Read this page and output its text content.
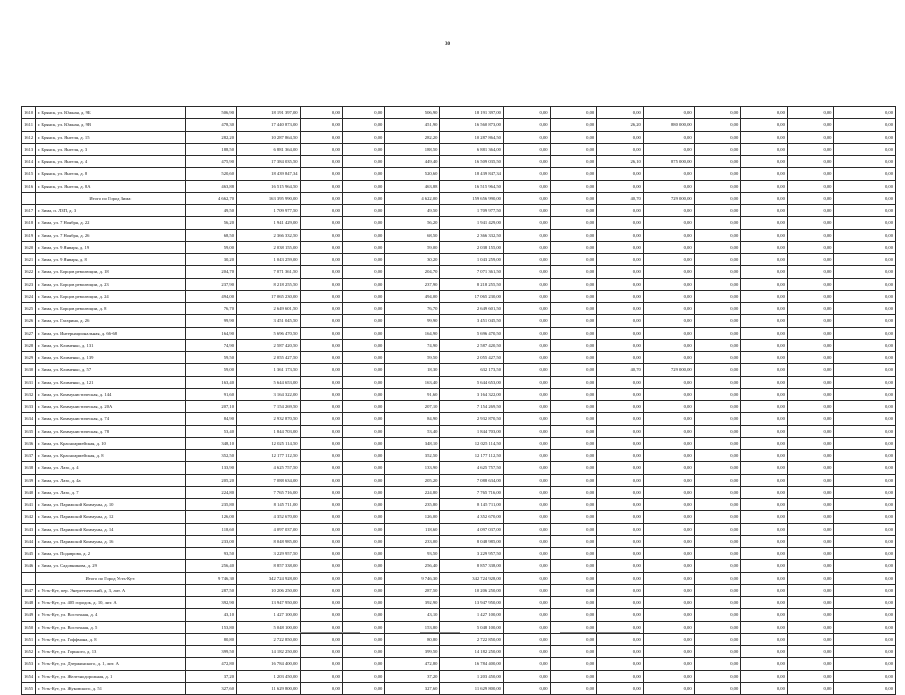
30
1610	г. Брянск, ул. Южная, д. 9Б	506,90	18 191 397,00	0,00	0,00	506,90	18 191 397,00	0,00	0,00	0,00	0,00	0,00	0,00	0,00	0,00
1611	г. Брянск, ул. Южная, д. 9В	478,30	17 440 873,00	0,00	0,00	451,90	16 560 873,00	0,00	0,00	26,20	880 000,00	0,00	0,00	0,00	0,00
1612	г. Брянск, ул. Янгеля, д. 15	282,20	10 287 864,50	0,00	0,00	282,20	10 287 864,50	0,00	0,00	0,00	0,00	0,00	0,00	0,00	0,00
1613	г. Брянск, ул. Янгеля, д. 3	188,50	6 881 364,00	0,00	0,00	188,50	6 881 364,00	0,00	0,00	0,00	0,00	0,00	0,00	0,00	0,00
1614	г. Брянск, ул. Янгеля, д. 4	475,90	17 384 035,50	0,00	0,00	449,40	16 509 035,50	0,00	0,00	26,10	875 000,00	0,00	0,00	0,00	0,00
1615	г. Брянск, ул. Янгеля, д. 8	520,60	18 439 847,34	0,00	0,00	520,60	18 439 847,34	0,00	0,00	0,00	0,00	0,00	0,00	0,00	0,00
1616	г. Брянск, ул. Янгеля, д. 8А	463,88	16 515 964,50	0,00	0,00	463,88	16 515 964,50	0,00	0,00	0,00	0,00	0,00	0,00	0,00	0,00
	Итого по Город Зима:	4 662,70	163 395 990,00	0,00	0,00	4 622,00	159 656 990,00	0,00	0,00	40,70	729 000,00	0,00	0,00	0,00	0,00
1617	г. Зима, п. ЛЗП, д. 3	49,50	1 709 977,50	0,00	0,00	49,50	1 709 977,50	0,00	0,00	0,00	0,00	0,00	0,00	0,00	0,00
1618	г. Зима, ул. 7 Ноября, д. 22	56,20	1 941 429,00	0,00	0,00	56,20	1 941 429,00	0,00	0,00	0,00	0,00	0,00	0,00	0,00	0,00
1619	г. Зима, ул. 7 Ноября, д. 26	68,50	2 366 332,50	0,00	0,00	68,50	2 366 332,50	0,00	0,00	0,00	0,00	0,00	0,00	0,00	0,00
1620	г. Зима, ул. 9 Января, д. 19	59,00	2 038 155,00	0,00	0,00	59,00	2 038 155,00	0,00	0,00	0,00	0,00	0,00	0,00	0,00	0,00
1621	г. Зима, ул. 9 Января, д. 8	30,20	1 043 259,00	0,00	0,00	30,20	1 043 259,00	0,00	0,00	0,00	0,00	0,00	0,00	0,00	0,00
1622	г. Зима, ул. Борцов революции, д. 18	204,70	7 071 361,50	0,00	0,00	204,70	7 071 361,50	0,00	0,00	0,00	0,00	0,00	0,00	0,00	0,00
1623	г. Зима, ул. Борцов революции, д. 23	237,90	8 218 255,50	0,00	0,00	237,90	8 218 255,50	0,00	0,00	0,00	0,00	0,00	0,00	0,00	0,00
1624	г. Зима, ул. Борцов революции, д. 24	494,00	17 065 230,00	0,00	0,00	494,00	17 065 230,00	0,00	0,00	0,00	0,00	0,00	0,00	0,00	0,00
1625	г. Зима, ул. Борцов революции, д. 8	76,70	2 649 601,50	0,00	0,00	76,70	2 649 601,50	0,00	0,00	0,00	0,00	0,00	0,00	0,00	0,00
1626	г. Зима, ул. Гагарина, д. 26	99,90	3 451 045,50	0,00	0,00	99,90	3 451 045,50	0,00	0,00	0,00	0,00	0,00	0,00	0,00	0,00
1627	г. Зима, ул. Интернациональная, д. 66-68	164,90	5 696 470,50	0,00	0,00	164,90	5 696 470,50	0,00	0,00	0,00	0,00	0,00	0,00	0,00	0,00
1628	г. Зима, ул. Клименко, д. 131	74,90	2 587 420,50	0,00	0,00	74,90	2 587 420,50	0,00	0,00	0,00	0,00	0,00	0,00	0,00	0,00
1629	г. Зима, ул. Клименко, д. 139	59,50	2 055 427,50	0,00	0,00	59,50	2 055 427,50	0,00	0,00	0,00	0,00	0,00	0,00	0,00	0,00
1630	г. Зима, ул. Клименко, д. 57	59,00	1 361 173,50	0,00	0,00	18,30	632 173,50	0,00	0,00	40,70	729 000,00	0,00	0,00	0,00	0,00
1631	г. Зима, ул. Клименко, д. 121	163,40	5 644 653,00	0,00	0,00	163,40	5 644 653,00	0,00	0,00	0,00	0,00	0,00	0,00	0,00	0,00
1632	г. Зима, ул. Коммунистическая, д. 144	91,60	3 164 322,00	0,00	0,00	91,60	3 164 322,00	0,00	0,00	0,00	0,00	0,00	0,00	0,00	0,00
1633	г. Зима, ул. Коммунистическая, д. 20А	207,10	7 154 269,50	0,00	0,00	207,10	7 154 269,50	0,00	0,00	0,00	0,00	0,00	0,00	0,00	0,00
1634	г. Зима, ул. Коммунистическая, д. 74	84,90	2 932 870,50	0,00	0,00	84,90	2 932 870,50	0,00	0,00	0,00	0,00	0,00	0,00	0,00	0,00
1635	г. Зима, ул. Коммунистическая, д. 78	53,40	1 844 703,00	0,00	0,00	53,40	1 844 703,00	0,00	0,00	0,00	0,00	0,00	0,00	0,00	0,00
1636	г. Зима, ул. Красноармейская, д. 10	348,10	12 025 114,50	0,00	0,00	348,10	12 025 114,50	0,00	0,00	0,00	0,00	0,00	0,00	0,00	0,00
1637	г. Зима, ул. Красноармейская, д. 8	352,50	12 177 112,50	0,00	0,00	352,50	12 177 112,50	0,00	0,00	0,00	0,00	0,00	0,00	0,00	0,00
1638	г. Зима, ул. Лазо, д. 4	133,90	4 625 757,50	0,00	0,00	133,90	4 625 757,50	0,00	0,00	0,00	0,00	0,00	0,00	0,00	0,00
1639	г. Зима, ул. Лазо, д. 4а	205,20	7 088 634,00	0,00	0,00	205,20	7 088 634,00	0,00	0,00	0,00	0,00	0,00	0,00	0,00	0,00
1640	г. Зима, ул. Лазо, д. 7	224,80	7 765 716,00	0,00	0,00	224,80	7 765 716,00	0,00	0,00	0,00	0,00	0,00	0,00	0,00	0,00
1641	г. Зима, ул. Парижской Коммуны, д. 10	235,80	8 145 711,00	0,00	0,00	235,80	8 145 711,00	0,00	0,00	0,00	0,00	0,00	0,00	0,00	0,00
1642	г. Зима, ул. Парижской Коммуны, д. 12	126,00	4 352 670,00	0,00	0,00	126,00	4 352 670,00	0,00	0,00	0,00	0,00	0,00	0,00	0,00	0,00
1643	г. Зима, ул. Парижской Коммуны, д. 14	118,60	4 097 037,00	0,00	0,00	118,60	4 097 037,00	0,00	0,00	0,00	0,00	0,00	0,00	0,00	0,00
1644	г. Зима, ул. Парижской Коммуны, д. 16	233,00	8 048 985,00	0,00	0,00	233,00	8 048 985,00	0,00	0,00	0,00	0,00	0,00	0,00	0,00	0,00
1645	г. Зима, ул. Подаврова, д. 2	93,50	3 229 957,50	0,00	0,00	93,50	3 229 957,50	0,00	0,00	0,00	0,00	0,00	0,00	0,00	0,00
1646	г. Зима, ул. Садовникова, д. 29	256,40	8 857 338,00	0,00	0,00	256,40	8 857 338,00	0,00	0,00	0,00	0,00	0,00	0,00	0,00	0,00
	Итого по Город Усть-Кут:	9 746,30	342 724 928,00	0,00	0,00	9 746,30	342 724 928,00	0,00	0,00	0,00	0,00	0,00	0,00	0,00	0,00
1647	г. Усть-Кут, пер. Энергетический, д. 3, лит. А	287,50	10 206 250,00	0,00	0,00	287,50	10 206 250,00	0,00	0,00	0,00	0,00	0,00	0,00	0,00	0,00
1648	г. Усть-Кут, ул. 405 городок, д. 10, лит. А	392,90	13 947 950,00	0,00	0,00	392,90	13 947 950,00	0,00	0,00	0,00	0,00	0,00	0,00	0,00	0,00
1649	г. Усть-Кут, ул. Восточная, д. 4	43,10	1 427 100,00	0,00	0,00	43,10	1 427 100,00	0,00	0,00	0,00	0,00	0,00	0,00	0,00	0,00
1650	г. Усть-Кут, ул. Восточная, д. 5	153,80	5 048 100,00	0,00	0,00	153,80	5 048 100,00	0,00	0,00	0,00	0,00	0,00	0,00	0,00	0,00
1651	г. Усть-Кут, ул. Гоффмана, д. 8	80,80	2 722 850,00	0,00	0,00	80,80	2 722 850,00	0,00	0,00	0,00	0,00	0,00	0,00	0,00	0,00
1652	г. Усть-Кут, ул. Горького, д. 13	399,50	14 182 250,00	0,00	0,00	399,50	14 182 250,00	0,00	0,00	0,00	0,00	0,00	0,00	0,00	0,00
1653	г. Усть-Кут, ул. Дзержинского, д. 1, лит. А	472,80	16 784 400,00	0,00	0,00	472,80	16 784 400,00	0,00	0,00	0,00	0,00	0,00	0,00	0,00	0,00
1654	г. Усть-Кут, ул. Железнодорожная, д. 1	37,20	1 203 450,00	0,00	0,00	37,20	1 203 450,00	0,00	0,00	0,00	0,00	0,00	0,00	0,00	0,00
1655	г. Усть-Кут, ул. Жуковского, д. 51	327,60	11 629 800,00	0,00	0,00	327,60	11 629 800,00	0,00	0,00	0,00	0,00	0,00	0,00	0,00	0,00
